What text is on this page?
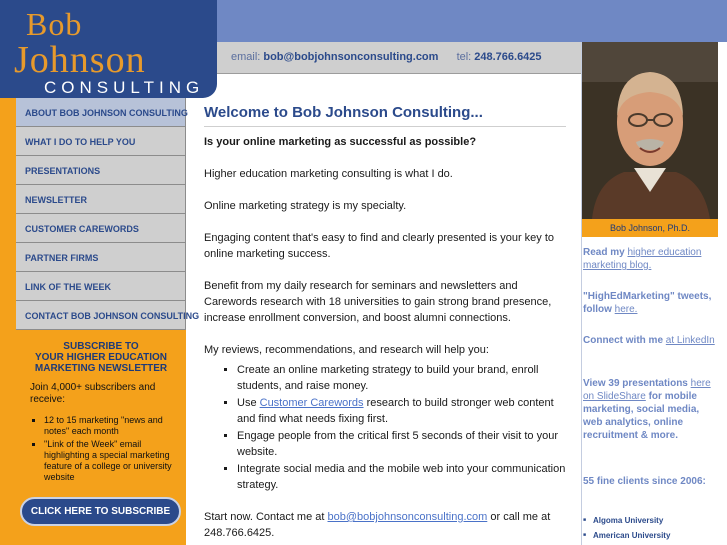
Bob
Johnson
CONSULTING
email: bob@bobjohnsonconsulting.com tel: 248.766.6425
ABOUT BOB JOHNSON CONSULTING
WHAT I DO TO HELP YOU
PRESENTATIONS
NEWSLETTER
CUSTOMER CAREWORDS
PARTNER FIRMS
LINK OF THE WEEK
CONTACT BOB JOHNSON CONSULTING
SUBSCRIBE TO
YOUR HIGHER EDUCATION
MARKETING NEWSLETTER
Join 4,000+ subscribers and receive:
▪ 12 to 15 marketing "news and notes" each month
▪ "Link of the Week" email highlighting a special marketing feature of a college or university website
CLICK HERE TO SUBSCRIBE
Welcome to Bob Johnson Consulting...

Is your online marketing as successful as possible?

Higher education marketing consulting is what I do.

Online marketing strategy is my specialty.

Engaging content that's easy to find and clearly presented is your key to online marketing success.

Benefit from my daily research for seminars and newsletters and Carewords research with 18 universities to gain strong brand presence, increase enrollment conversion, and boost alumni connections.

My reviews, recommendations, and research will help you:

▪ Create an online marketing strategy to build your brand, enroll students, and raise money.
▪ Use Customer Carewords research to build stronger web content and find what needs fixing first.
▪ Engage people from the critical first 5 seconds of their visit to your website.
▪ Integrate social media and the mobile web into your communication strategy.

Start now. Contact me at bob@bobjohnsonconsulting.com or call me at 248.766.6425.

Bob Johnson, Ph.D.
Read my higher education marketing blog.
"HighEdMarketing" tweets, follow here.
Connect with me at LinkedIn
View 39 presentations here on SlideShare for mobile marketing, social media, web analytics, online recruitment & more.
55 fine clients since 2006:
■ Algoma University
■ American University
